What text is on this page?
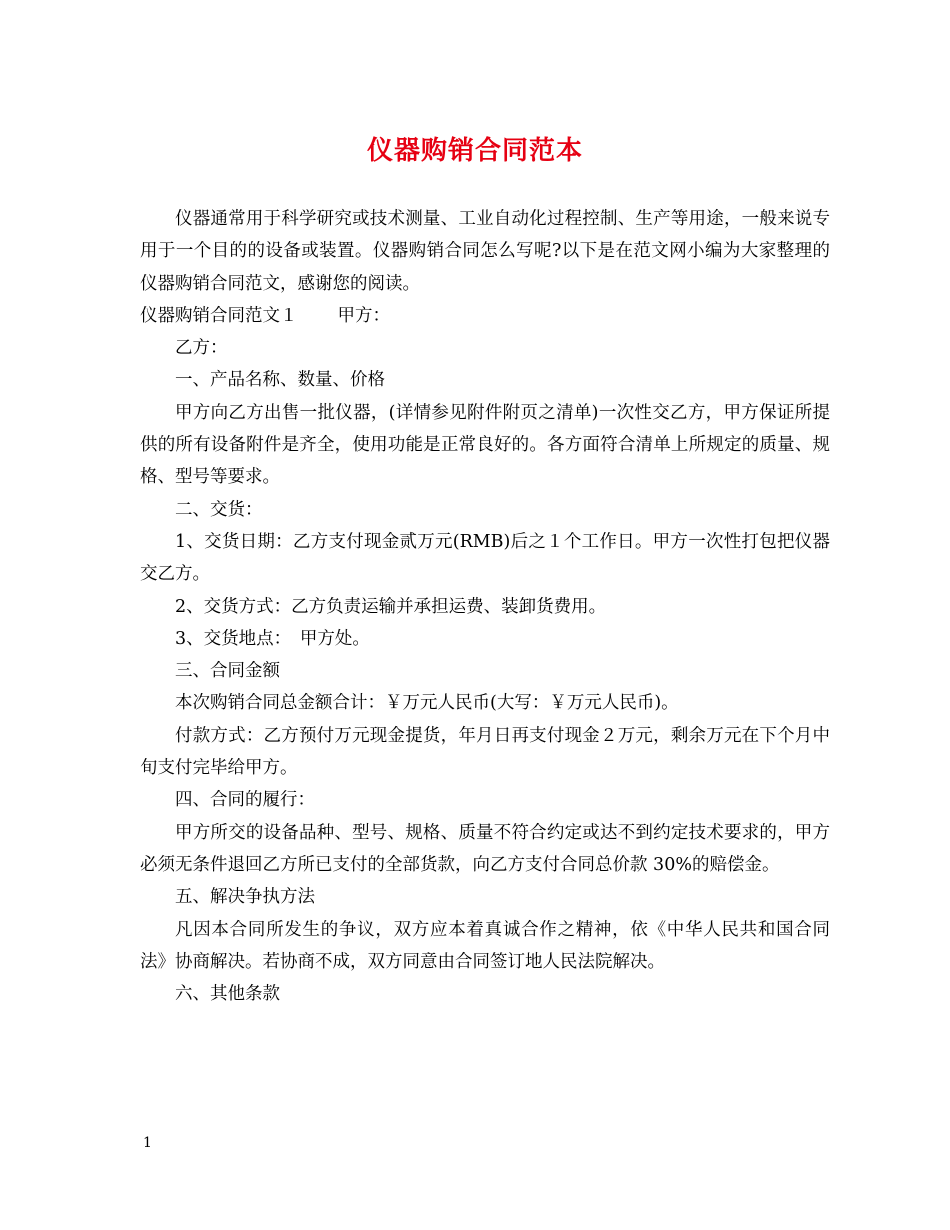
仪器购销合同范本

仪器通常用于科学研究或技术测量、工业自动化过程控制、生产等用途，一般来说专用于一个目的的设备或装置。仪器购销合同怎么写呢?以下是在范文网小编为大家整理的仪器购销合同范文，感谢您的阅读。

仪器购销合同范文１ 甲方：

乙方：

一、产品名称、数量、价格

甲方向乙方出售一批仪器，(详情参见附件附页之清单)一次性交乙方，甲方保证所提供的所有设备附件是齐全，使用功能是正常良好的。各方面符合清单上所规定的质量、规格、型号等要求。

二、交货：

1、交货日期：乙方支付现金贰万元(RMB)后之１个工作日。甲方一次性打包把仪器交乙方。

2、交货方式：乙方负责运输并承担运费、装卸货费用。

3、交货地点：　甲方处。

三、合同金额

本次购销合同总金额合计：￥万元人民币(大写：￥万元人民币)。

付款方式：乙方预付万元现金提货，年月日再支付现金２万元，剩余万元在下个月中旬支付完毕给甲方。

四、合同的履行：

甲方所交的设备品种、型号、规格、质量不符合约定或达不到约定技术要求的，甲方必须无条件退回乙方所已支付的全部货款，向乙方支付合同总价款 30%的赔偿金。

五、解决争执方法

凡因本合同所发生的争议，双方应本着真诚合作之精神，依《中华人民共和国合同法》协商解决。若协商不成，双方同意由合同签订地人民法院解决。

六、其他条款

1
